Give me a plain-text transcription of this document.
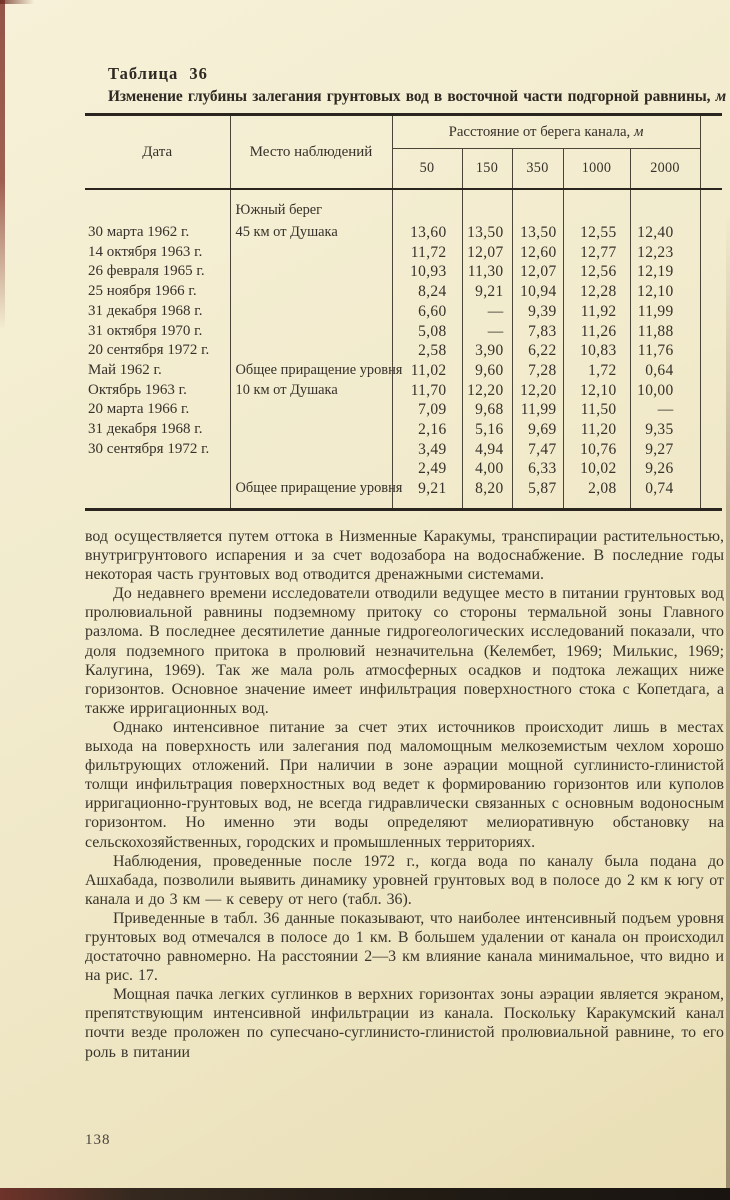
Таблица 36
Изменение глубины залегания грунтовых вод в восточной части подгорной равнины, м
Дата	Место наблюдений	Расстояние от берега канала, м					
		50	150	350	1000	2000	
	Южный берег						
30 марта 1962 г.	45 км от Душака	13,60	13,50	13,50	12,55	12,40	
14 октября 1963 г.		11,72	12,07	12,60	12,77	12,23	
26 февраля 1965 г.		10,93	11,30	12,07	12,56	12,19	
25 ноября 1966 г.		8,24	9,21	10,94	12,28	12,10	
31 декабря 1968 г.		6,60	—	9,39	11,92	11,99	
31 октября 1970 г.		5,08	—	7,83	11,26	11,88	
20 сентября 1972 г.		2,58	3,90	6,22	10,83	11,76	
Май 1962 г.	Общее приращение уровня	11,02	9,60	7,28	1,72	0,64	
Октябрь 1963 г.	10 км от Душака	11,70	12,20	12,20	12,10	10,00	
20 марта 1966 г.		7,09	9,68	11,99	11,50	—	
31 декабря 1968 г.		2,16	5,16	9,69	11,20	9,35	
30 сентября 1972 г.		3,49	4,94	7,47	10,76	9,27	
		2,49	4,00	6,33	10,02	9,26	
	Общее приращение уровня	9,21	8,20	5,87	2,08	0,74	

вод осуществляется путем оттока в Низменные Каракумы, транспирации растительностью, внутригрунтового испарения и за счет водозабора на водоснабжение. В последние годы некоторая часть грунтовых вод отводится дренажными системами.

До недавнего времени исследователи отводили ведущее место в питании грунтовых вод пролювиальной равнины подземному притоку со стороны термальной зоны Главного разлома. В последнее десятилетие данные гидрогеологических исследований показали, что доля подземного притока в пролювий незначительна (Келембет, 1969; Милькис, 1969; Калугина, 1969). Так же мала роль атмосферных осадков и подтока лежащих ниже горизонтов. Основное значение имеет инфильтрация поверхностного стока с Копетдага, а также ирригационных вод.

Однако интенсивное питание за счет этих источников происходит лишь в местах выхода на поверхность или залегания под маломощным мелкоземистым чехлом хорошо фильтрующих отложений. При наличии в зоне аэрации мощной суглинисто-глинистой толщи инфильтрация поверхностных вод ведет к формированию горизонтов или куполов ирригационно-грунтовых вод, не всегда гидравлически связанных с основным водоносным горизонтом. Но именно эти воды определяют мелиоративную обстановку на сельскохозяйственных, городских и промышленных территориях.

Наблюдения, проведенные после 1972 г., когда вода по каналу была подана до Ашхабада, позволили выявить динамику уровней грунтовых вод в полосе до 2 км к югу от канала и до 3 км — к северу от него (табл. 36).

Приведенные в табл. 36 данные показывают, что наиболее интенсивный подъем уровня грунтовых вод отмечался в полосе до 1 км. В большем удалении от канала он происходил достаточно равномерно. На расстоянии 2—3 км влияние канала минимальное, что видно и на рис. 17.

Мощная пачка легких суглинков в верхних горизонтах зоны аэрации является экраном, препятствующим интенсивной инфильтрации из канала. Поскольку Каракумский канал почти везде проложен по супесчано-суглинисто-глинистой пролювиальной равнине, то его роль в питании

138
